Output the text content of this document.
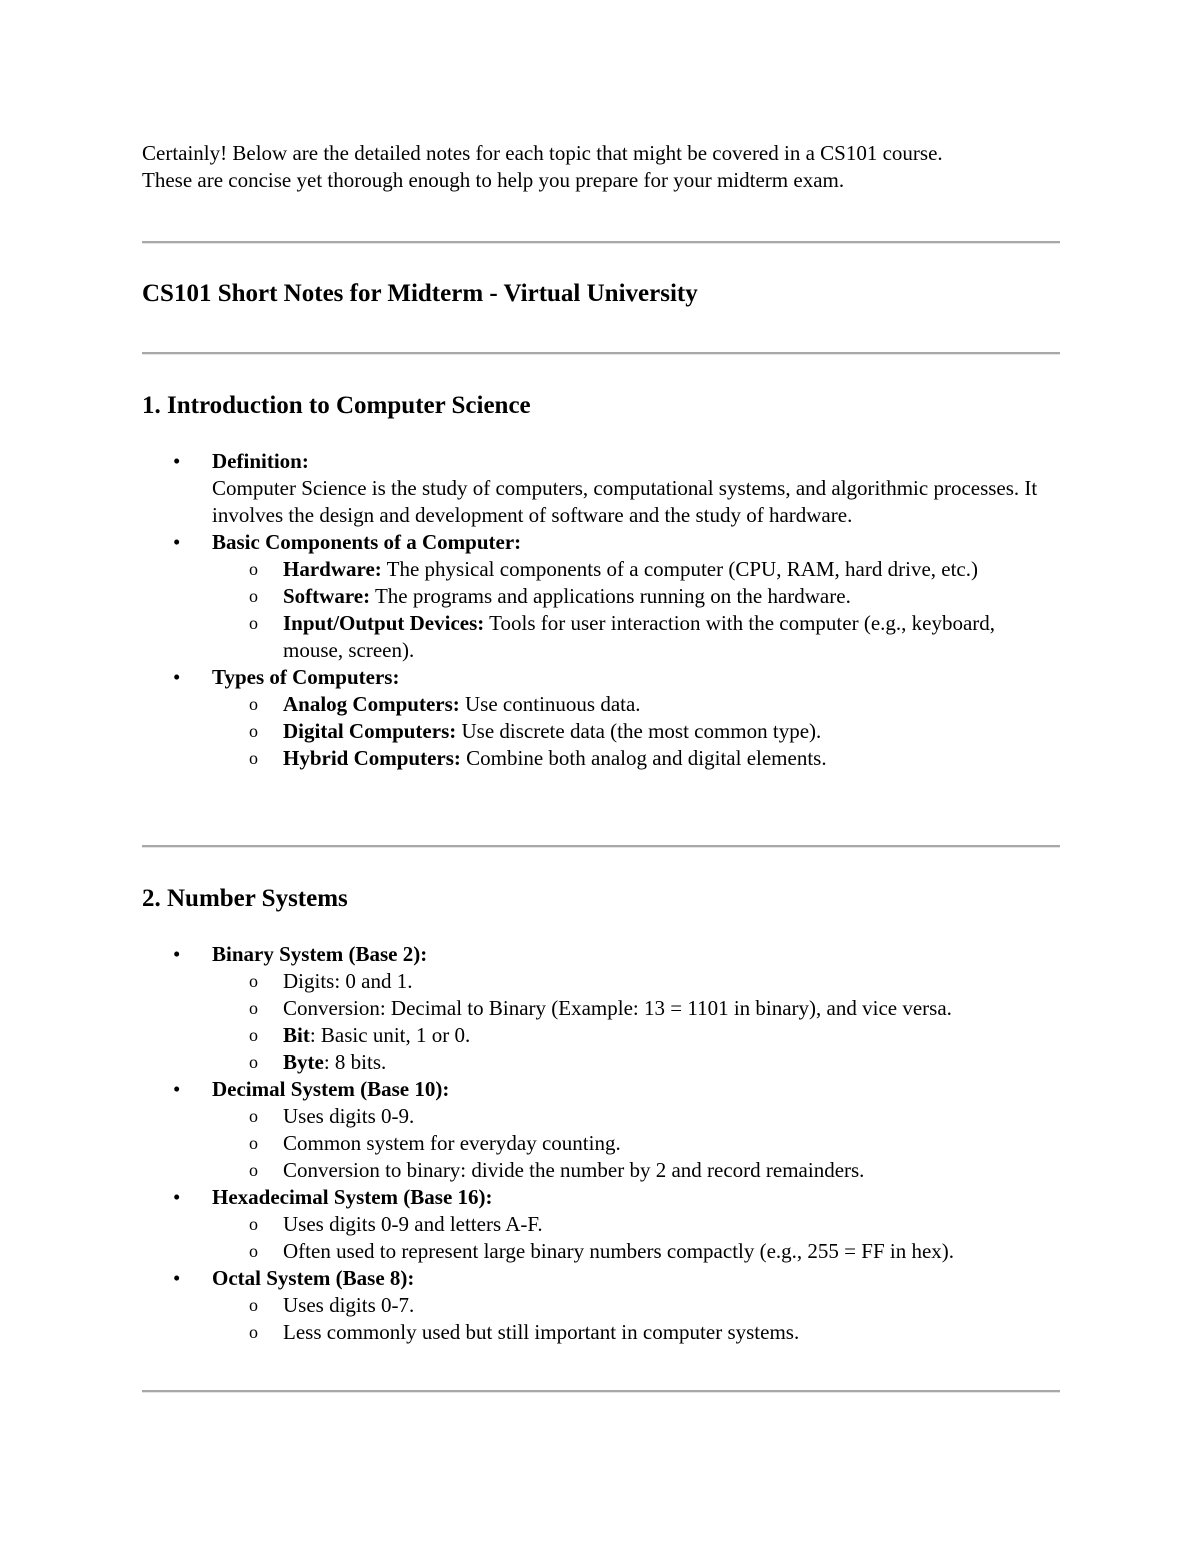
Certainly! Below are the detailed notes for each topic that might be covered in a CS101 course.

These are concise yet thorough enough to help you prepare for your midterm exam.

CS101 Short Notes for Midterm - Virtual University
1. Introduction to Computer Science
• Definition:
Computer Science is the study of computers, computational systems, and algorithmic processes. It involves the design and development of software and the study of hardware.
• Basic Components of a Computer:
o Hardware: The physical components of a computer (CPU, RAM, hard drive, etc.)
o Software: The programs and applications running on the hardware.
o Input/Output Devices: Tools for user interaction with the computer (e.g., keyboard, mouse, screen).
• Types of Computers:
o Analog Computers: Use continuous data.
o Digital Computers: Use discrete data (the most common type).
o Hybrid Computers: Combine both analog and digital elements.
2. Number Systems
• Binary System (Base 2):
o Digits: 0 and 1.
o Conversion: Decimal to Binary (Example: 13 = 1101 in binary), and vice versa.
o Bit: Basic unit, 1 or 0.
o Byte: 8 bits.
• Decimal System (Base 10):
o Uses digits 0-9.
o Common system for everyday counting.
o Conversion to binary: divide the number by 2 and record remainders.
• Hexadecimal System (Base 16):
o Uses digits 0-9 and letters A-F.
o Often used to represent large binary numbers compactly (e.g., 255 = FF in hex).
• Octal System (Base 8):
o Uses digits 0-7.
o Less commonly used but still important in computer systems.
